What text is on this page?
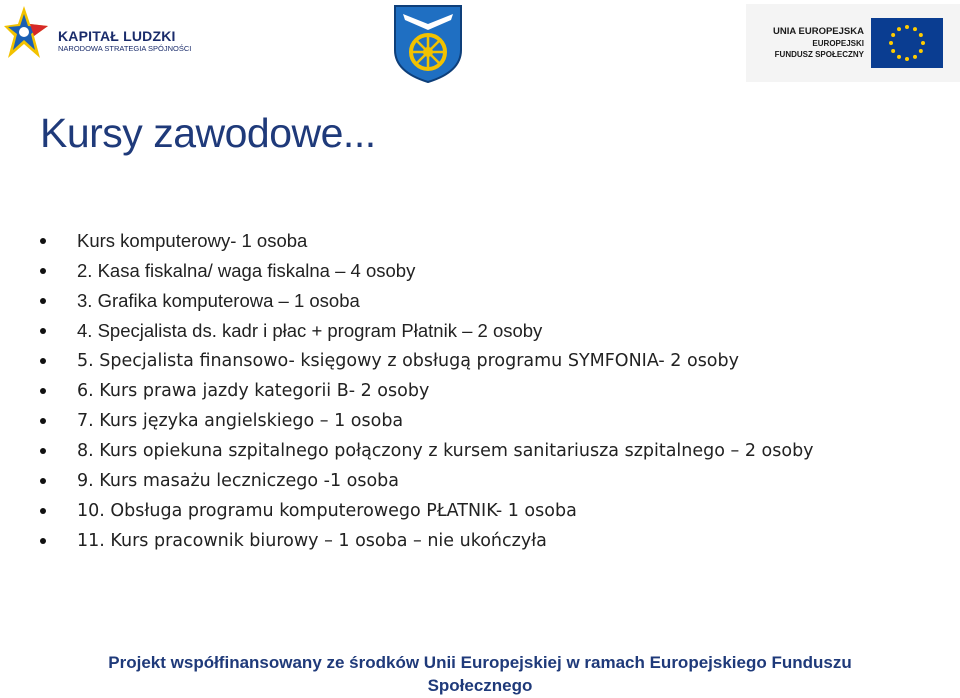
KAPITAŁ LUDZKI
NARODOWA STRATEGIA SPÓJNOŚCI
UNIA EUROPEJSKA
EUROPEJSKI
FUNDUSZ SPOŁECZNY
Kursy zawodowe...
Kurs komputerowy- 1 osoba
2. Kasa fiskalna/ waga fiskalna – 4 osoby
3. Grafika komputerowa – 1 osoba
4. Specjalista ds. kadr i płac + program Płatnik – 2 osoby
5. Specjalista finansowo- księgowy z obsługą programu SYMFONIA- 2 osoby
6. Kurs prawa jazdy kategorii B- 2 osoby
7. Kurs języka angielskiego – 1 osoba
8. Kurs opiekuna szpitalnego połączony z kursem sanitariusza szpitalnego – 2 osoby
9. Kurs masażu leczniczego -1 osoba
10. Obsługa programu komputerowego PŁATNIK- 1 osoba
11. Kurs pracownik biurowy – 1 osoba – nie ukończyła
Projekt współfinansowany ze środków Unii Europejskiej w ramach Europejskiego Funduszu
Społecznego
